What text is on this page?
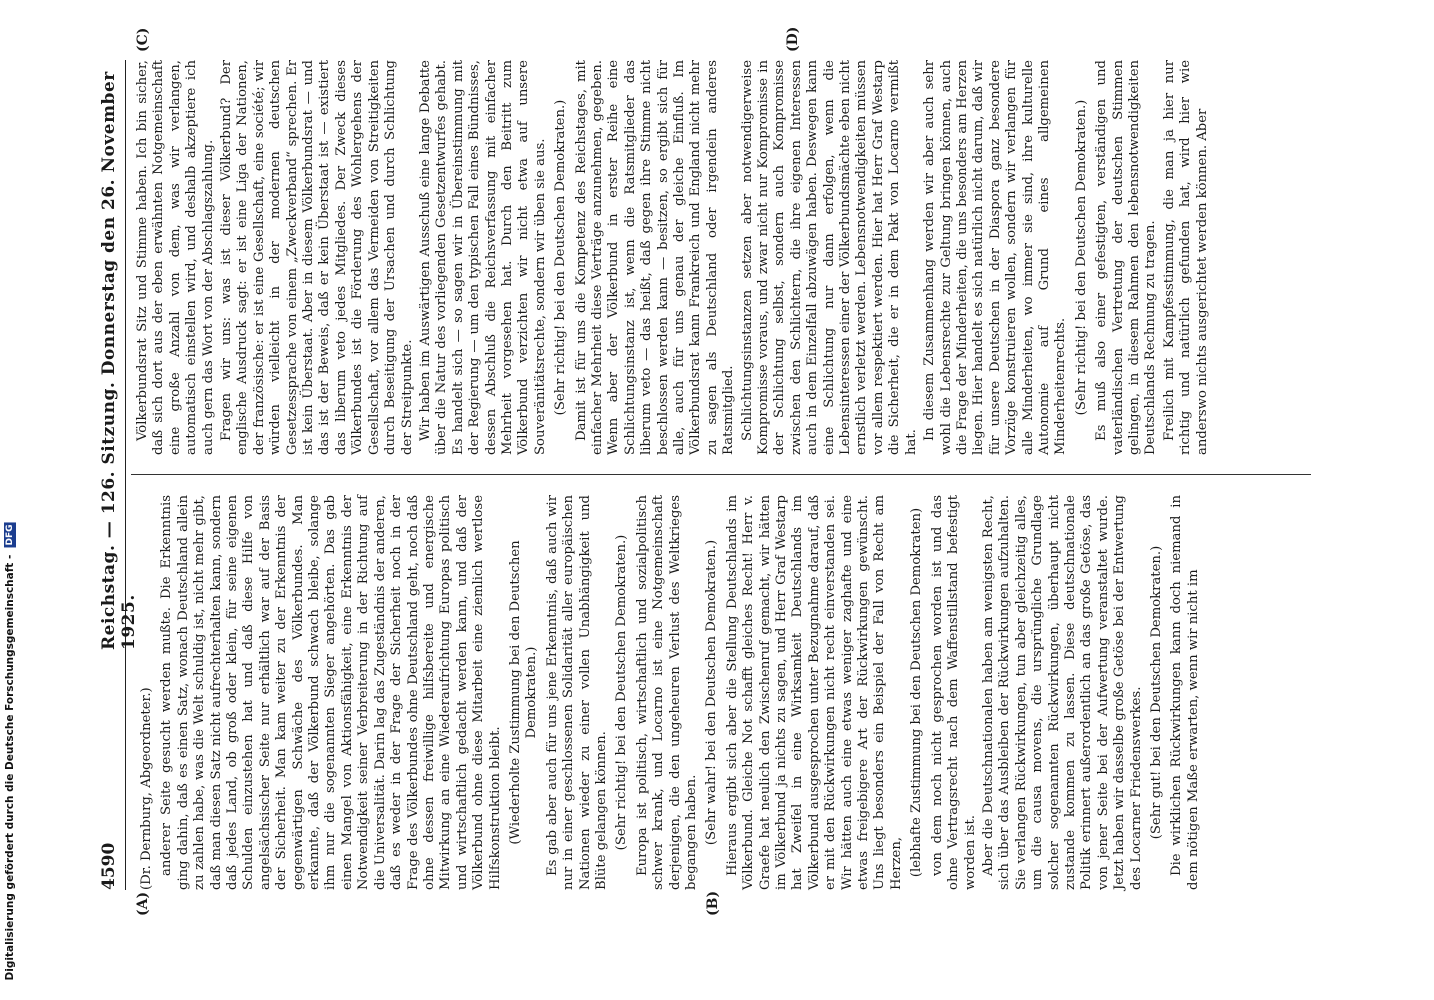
4590
Reichstag. — 126. Sitzung. Donnerstag den 26. November 1925.
(A)	(B)
(C)	(D)

(Dr. Dernburg, Abgeordneter.) anderer Seite gesucht werden mußte. Die Erkenntnis ging dahin, daß es einen Satz, wonach Deutschland allein zu zahlen habe, was die Welt schuldig ist, nicht mehr gibt, daß man diesen Satz nicht aufrechterhalten kann, sondern daß jedes Land, ob groß oder klein, für seine eigenen Schulden einzustehen hat und daß diese Hilfe von angelsächsischer Seite nur erhältlich war auf der Basis der Sicherheit. Man kam weiter zu der Erkenntnis der gegenwärtigen Schwäche des Völkerbundes. Man erkannte, daß der Völkerbund schwach bleibe, solange ihm nur die sogenannten Sieger angehörten. Das gab einen Mangel von Aktionsfähigkeit, eine Erkenntnis der Notwendigkeit seiner Verbreiterung in der Richtung auf die Universalität. Darin lag das Zugeständnis der anderen, daß es weder in der Frage der Sicherheit noch in der Frage des Völkerbundes ohne Deutschland geht, noch daß ohne dessen freiwillige hilfsbereite und energische Mitwirkung an eine Wiederaufrichtung Europas politisch und wirtschaftlich gedacht werden kann, und daß der Völkerbund ohne diese Mitarbeit eine ziemlich wertlose Hilfskonstruktion bleibt. (Wiederholte Zustimmung bei den Deutschen Demokraten.) Es gab aber auch für uns jene Erkenntnis, daß auch wir nur in einer geschlossenen Solidarität aller europäischen Nationen wieder zu einer vollen Unabhängigkeit und Blüte gelangen können. (Sehr richtig! bei den Deutschen Demokraten.) Europa ist politisch, wirtschaftlich und sozialpolitisch schwer krank, und Locarno ist eine Notgemeinschaft derjenigen, die den ungeheuren Verlust des Weltkrieges begangen haben. (Sehr wahr! bei den Deutschen Demokraten.) Hieraus ergibt sich aber die Stellung Deutschlands im Völkerbund. Gleiche Not schafft gleiches Recht! Herr v. Graefe hat neulich den Zwischenruf gemacht, wir hätten im Völkerbund ja nichts zu sagen, und Herr Graf Westarp hat Zweifel in eine Wirksamkeit Deutschlands im Völkerbund ausgesprochen unter Bezugnahme darauf, daß er mit den Rückwirkungen nicht recht einverstanden sei. Wir hätten auch eine etwas weniger zaghafte und eine etwas freigebigere Art der Rückwirkungen gewünscht. Uns liegt besonders ein Beispiel der Fall von Recht am Herzen, (lebhafte Zustimmung bei den Deutschen Demokraten) von dem noch nicht gesprochen worden ist und das ohne Vertragsrecht nach dem Waffenstillstand befestigt worden ist. Aber die Deutschnationalen haben am wenigsten Recht, sich über das Ausbleiben der Rückwirkungen aufzuhalten. Sie verlangen Rückwirkungen, tun aber gleichzeitig alles, um die causa movens, die ursprüngliche Grundlage solcher sogenannten Rückwirkungen, überhaupt nicht zustande kommen zu lassen. Diese deutschnationale Politik erinnert außerordentlich an das große Getöse, das von jener Seite bei der Aufwertung veranstaltet wurde. Jetzt haben wir dasselbe große Getöse bei der Entwertung des Locarner Friedenswerkes. (Sehr gut! bei den Deutschen Demokraten.) Die wirklichen Rückwirkungen kann doch niemand in dem nötigen Maße erwarten, wenn wir nicht im

Völkerbundsrat Sitz und Stimme haben. Ich bin sicher, daß sich dort aus der eben erwähnten Notgemeinschaft eine große Anzahl von dem, was wir verlangen, automatisch einstellen wird, und deshalb akzeptiere ich auch gern das Wort von der Abschlagszahlung. Fragen wir uns: was ist dieser Völkerbund? Der englische Ausdruck sagt: er ist eine Liga der Nationen, der französische: er ist eine Gesellschaft, eine société; wir würden vielleicht in der modernen deutschen Gesetzessprache von einem „Zweckverband“ sprechen. Er ist kein Überstaat. Aber in diesem Völkerbundsrat — und das ist der Beweis, daß er kein Überstaat ist — existiert das liberum veto jedes Mitgliedes. Der Zweck dieses Völkerbundes ist die Förderung des Wohlergehens der Gesellschaft, vor allem das Vermeiden von Streitigkeiten durch Beseitigung der Ursachen und durch Schlichtung der Streitpunkte. Wir haben im Auswärtigen Ausschuß eine lange Debatte über die Natur des vorliegenden Gesetzentwurfes gehabt. Es handelt sich — so sagen wir in Übereinstimmung mit der Regierung — um den typischen Fall eines Bündnisses, dessen Abschluß die Reichsverfassung mit einfacher Mehrheit vorgesehen hat. Durch den Beitritt zum Völkerbund verzichten wir nicht etwa auf unsere Souveränitätsrechte, sondern wir üben sie aus. (Sehr richtig! bei den Deutschen Demokraten.) Damit ist für uns die Kompetenz des Reichstages, mit einfacher Mehrheit diese Verträge anzunehmen, gegeben. Wenn aber der Völkerbund in erster Reihe eine Schlichtungsinstanz ist, wenn die Ratsmitglieder das liberum veto — das heißt, daß gegen ihre Stimme nicht beschlossen werden kann — besitzen, so ergibt sich für alle, auch für uns genau der gleiche Einfluß. Im Völkerbundsrat kann Frankreich und England nicht mehr zu sagen als Deutschland oder irgendein anderes Ratsmitglied. Schlichtungsinstanzen setzen aber notwendigerweise Kompromisse voraus, und zwar nicht nur Kompromisse in der Schlichtung selbst, sondern auch Kompromisse zwischen den Schlichtern, die ihre eigenen Interessen auch in dem Einzelfall abzuwägen haben. Deswegen kann eine Schlichtung nur dann erfolgen, wenn die Lebensinteressen einer der Völkerbundsmächte eben nicht ernstlich verletzt werden. Lebensnotwendigkeiten müssen vor allem respektiert werden. Hier hat Herr Graf Westarp die Sicherheit, die er in dem Pakt von Locarno vermißt hat.

In diesem Zusammenhang werden wir aber auch sehr wohl die Lebensrechte zur Geltung bringen können, auch die Frage der Minderheiten, die uns besonders am Herzen liegen. Hier handelt es sich natürlich nicht darum, daß wir für unsere Deutschen in der Diaspora ganz besondere Vorzüge konstruieren wollen, sondern wir verlangen für alle Minderheiten, wo immer sie sind, ihre kulturelle Autonomie auf Grund eines allgemeinen Minderheitenrechts. (Sehr richtig! bei den Deutschen Demokraten.) Es muß also einer gefestigten, verständigen und vaterländischen Vertretung der deutschen Stimmen gelingen, in diesem Rahmen den lebensnotwendigkeiten Deutschlands Rechnung zu tragen. Freilich mit Kampfesstimmung, die man ja hier nur richtig und natürlich gefunden hat, wird hier wie anderswo nichts ausgerichtet werden können. Aber

Digitalisierung gefördert durch die Deutsche Forschungsgemeinschaft - DFG
